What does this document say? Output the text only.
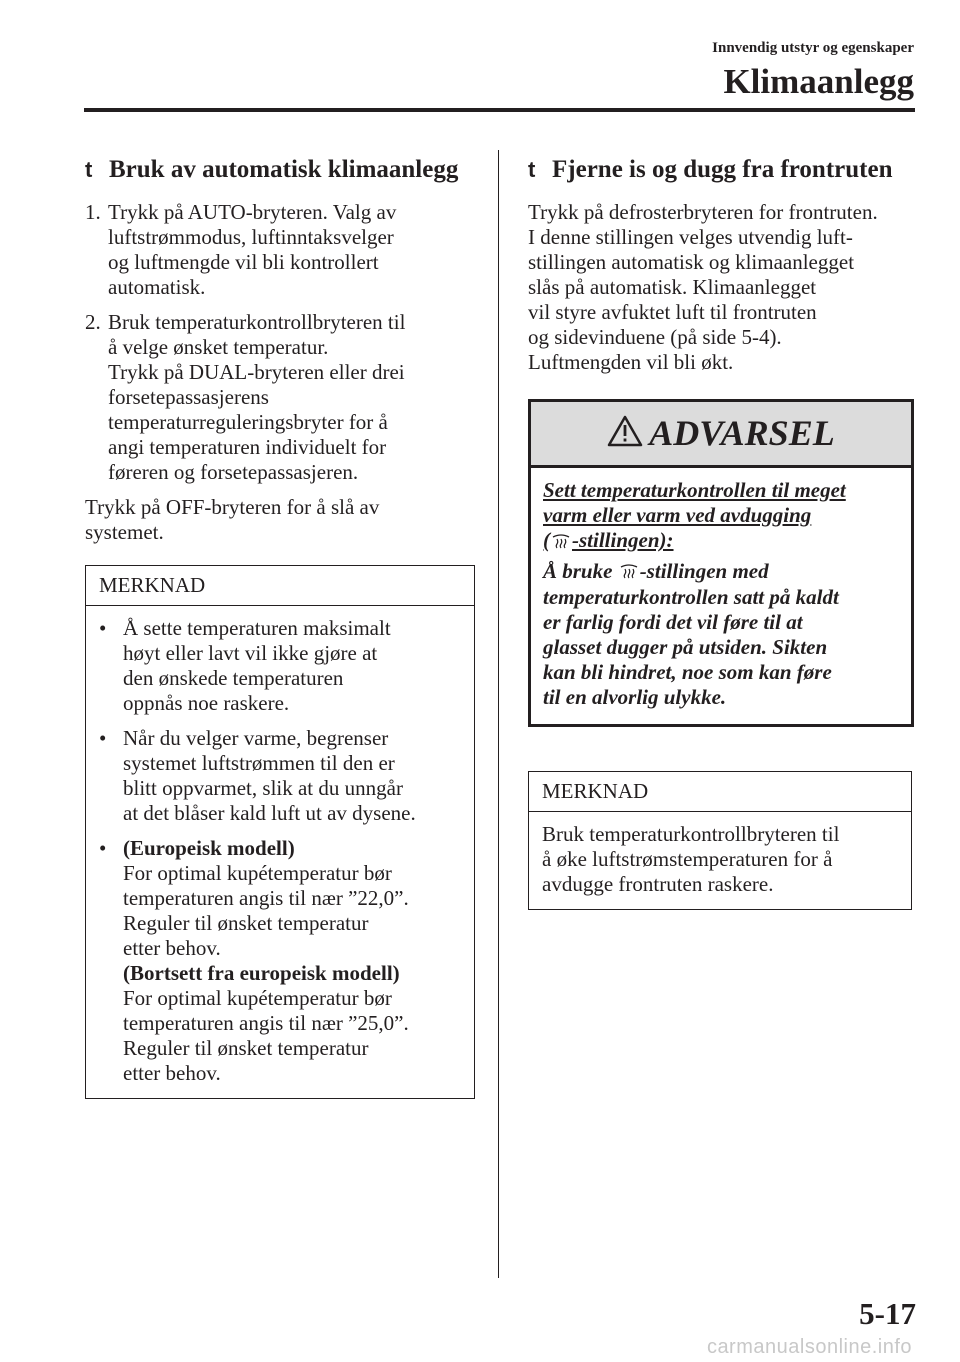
Innvendig utstyr og egenskaper
Klimaanlegg
t Bruk av automatisk klimaanlegg
1. Trykk på AUTO-bryteren. Valg av
luftstrømmodus, luftinntaksvelger
og luftmengde vil bli kontrollert
automatisk.
2. Bruk temperaturkontrollbryteren til
å velge ønsket temperatur.
Trykk på DUAL-bryteren eller drei
forsetepassasjerens
temperaturreguleringsbryter for å
angi temperaturen individuelt for
føreren og forsetepassasjeren.

Trykk på OFF-bryteren for å slå av
systemet.

MERKNAD
• Å sette temperaturen maksimalt
høyt eller lavt vil ikke gjøre at
den ønskede temperaturen
oppnås noe raskere.
• Når du velger varme, begrenser
systemet luftstrømmen til den er
blitt oppvarmet, slik at du unngår
at det blåser kald luft ut av dysene.
• (Europeisk modell)
For optimal kupétemperatur bør
temperaturen angis til nær ”22,0”.
Reguler til ønsket temperatur
etter behov.
(Bortsett fra europeisk modell)
For optimal kupétemperatur bør
temperaturen angis til nær ”25,0”.
Reguler til ønsket temperatur
etter behov.
t Fjerne is og dugg fra frontruten

Trykk på defrosterbryteren for frontruten.
I denne stillingen velges utvendig luft-
stillingen automatisk og klimaanlegget
slås på automatisk. Klimaanlegget
vil styre avfuktet luft til frontruten
og sidevinduene (på side 5-4).
Luftmengden vil bli økt.

ADVARSEL
Sett temperaturkontrollen til meget
varm eller varm ved avdugging
( -stillingen):
Å bruke -stillingen med
temperaturkontrollen satt på kaldt
er farlig fordi det vil føre til at
glasset dugger på utsiden. Sikten
kan bli hindret, noe som kan føre
til en alvorlig ulykke.
MERKNAD
Bruk temperaturkontrollbryteren til
å øke luftstrømstemperaturen for å
avdugge frontruten raskere.
5-17
carmanualsonline.info
